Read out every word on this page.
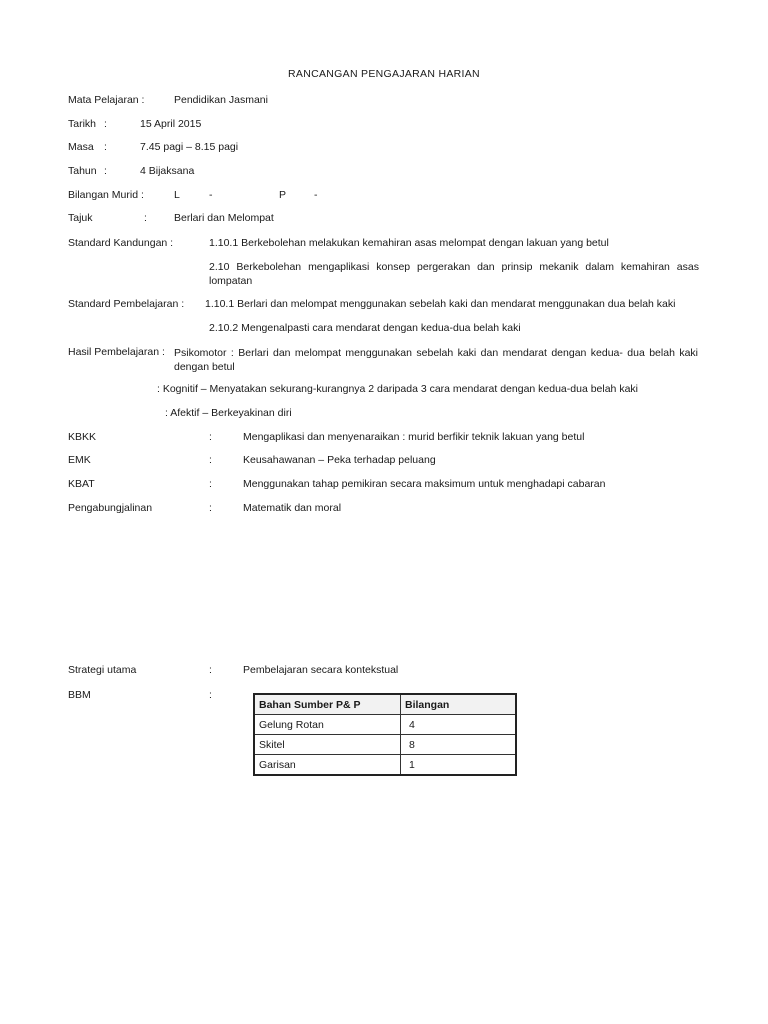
RANCANGAN PENGAJARAN HARIAN
Mata Pelajaran :	Pendidikan Jasmani
Tarikh :	15 April 2015
Masa :	7.45 pagi – 8.15 pagi
Tahun :	4 Bijaksana
Bilangan Murid :	L	-	P	-
Tajuk	:	Berlari dan Melompat
Standard Kandungan :	1.10.1 Berkebolehan melakukan kemahiran asas melompat dengan lakuan yang betul
2.10 Berkebolehan mengaplikasi konsep pergerakan dan prinsip mekanik dalam kemahiran asas lompatan
Standard Pembelajaran : 1.10.1 Berlari dan melompat menggunakan sebelah kaki dan mendarat menggunakan dua belah kaki
2.10.2 Mengenalpasti cara mendarat dengan kedua-dua belah kaki
Hasil Pembelajaran : Psikomotor : Berlari dan melompat menggunakan sebelah kaki dan mendarat dengan kedua- dua belah kaki dengan betul
: Kognitif – Menyatakan sekurang-kurangnya 2 daripada 3 cara mendarat dengan kedua-dua belah kaki
: Afektif – Berkeyakinan diri
KBKK	:	Mengaplikasi dan menyenaraikan : murid berfikir teknik lakuan yang betul
EMK	:	Keusahawanan – Peka terhadap peluang
KBAT	:	Menggunakan tahap pemikiran secara maksimum untuk menghadapi cabaran
Pengabungjalinan	:	Matematik dan moral
Strategi utama	:	Pembelajaran secara kontekstual
BBM	:
Bahan Sumber P& P	Bilangan
Gelung Rotan	4
Skitel	8
Garisan	1
